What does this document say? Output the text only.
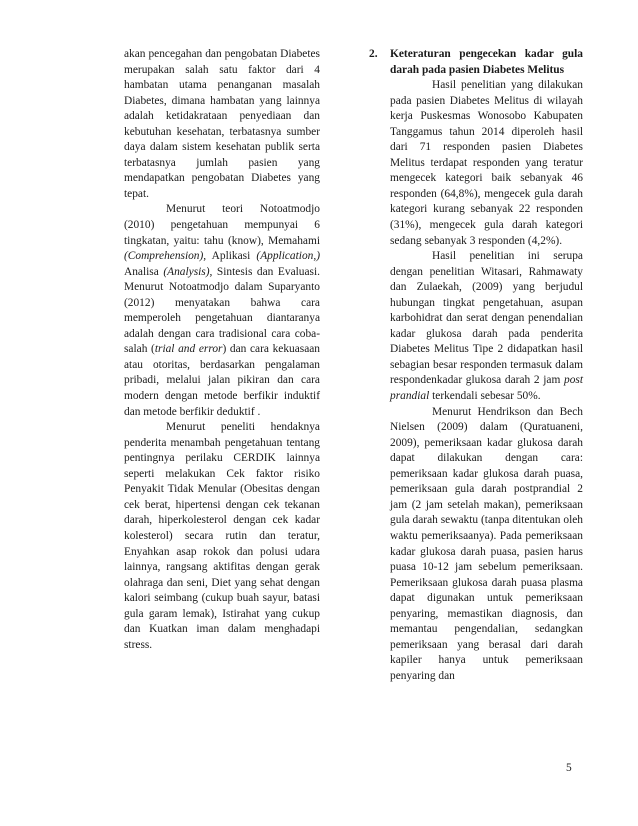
akan pencegahan dan pengobatan Diabetes merupakan salah satu faktor dari 4 hambatan utama penanganan masalah Diabetes, dimana hambatan yang lainnya adalah ketidakrataan penyediaan dan kebutuhan kesehatan, terbatasnya sumber daya dalam sistem kesehatan publik serta terbatasnya jumlah pasien yang mendapatkan pengobatan Diabetes yang tepat.

Menurut teori Notoatmodjo (2010) pengetahuan mempunyai 6 tingkatan, yaitu: tahu (know), Memahami (Comprehension), Aplikasi (Application,) Analisa (Analysis), Sintesis dan Evaluasi. Menurut Notoatmodjo dalam Suparyanto (2012) menyatakan bahwa cara memperoleh pengetahuan diantaranya adalah dengan cara tradisional cara coba-salah (trial and error) dan cara kekuasaan atau otoritas, berdasarkan pengalaman pribadi, melalui jalan pikiran dan cara modern dengan metode berfikir induktif dan metode berfikir deduktif .

Menurut peneliti hendaknya penderita menambah pengetahuan tentang pentingnya perilaku CERDIK lainnya seperti melakukan Cek faktor risiko Penyakit Tidak Menular (Obesitas dengan cek berat, hipertensi dengan cek tekanan darah, hiperkolesterol dengan cek kadar kolesterol) secara rutin dan teratur, Enyahkan asap rokok dan polusi udara lainnya, rangsang aktifitas dengan gerak olahraga dan seni, Diet yang sehat dengan kalori seimbang (cukup buah sayur, batasi gula garam lemak), Istirahat yang cukup dan Kuatkan iman dalam menghadapi stress.

2.	Keteraturan pengecekan kadar gula darah pada pasien Diabetes Melitus

Hasil penelitian yang dilakukan pada pasien Diabetes Melitus di wilayah kerja Puskesmas Wonosobo Kabupaten Tanggamus tahun 2014 diperoleh hasil dari 71 responden pasien Diabetes Melitus terdapat responden yang teratur mengecek kategori baik sebanyak 46 responden (64,8%), mengecek gula darah kategori kurang sebanyak 22 responden (31%), mengecek gula darah kategori sedang sebanyak 3 responden (4,2%).

Hasil penelitian ini serupa dengan penelitian Witasari, Rahmawaty dan Zulaekah, (2009) yang berjudul hubungan tingkat pengetahuan, asupan karbohidrat dan serat dengan penendalian kadar glukosa darah pada penderita Diabetes Melitus Tipe 2 didapatkan hasil sebagian besar responden termasuk dalam respondenkadar glukosa darah 2 jam post prandial terkendali sebesar 50%.

Menurut Hendrikson dan Bech Nielsen (2009) dalam (Quratuaneni, 2009), pemeriksaan kadar glukosa darah dapat dilakukan dengan cara: pemeriksaan kadar glukosa darah puasa, pemeriksaan gula darah postprandial 2 jam (2 jam setelah makan), pemeriksaan gula darah sewaktu (tanpa ditentukan oleh waktu pemeriksaanya). Pada pemeriksaan kadar glukosa darah puasa, pasien harus puasa 10-12 jam sebelum pemeriksaan. Pemeriksaan glukosa darah puasa plasma dapat digunakan untuk pemeriksaan penyaring, memastikan diagnosis, dan memantau pengendalian, sedangkan pemeriksaan yang berasal dari darah kapiler hanya untuk pemeriksaan penyaring dan

5
